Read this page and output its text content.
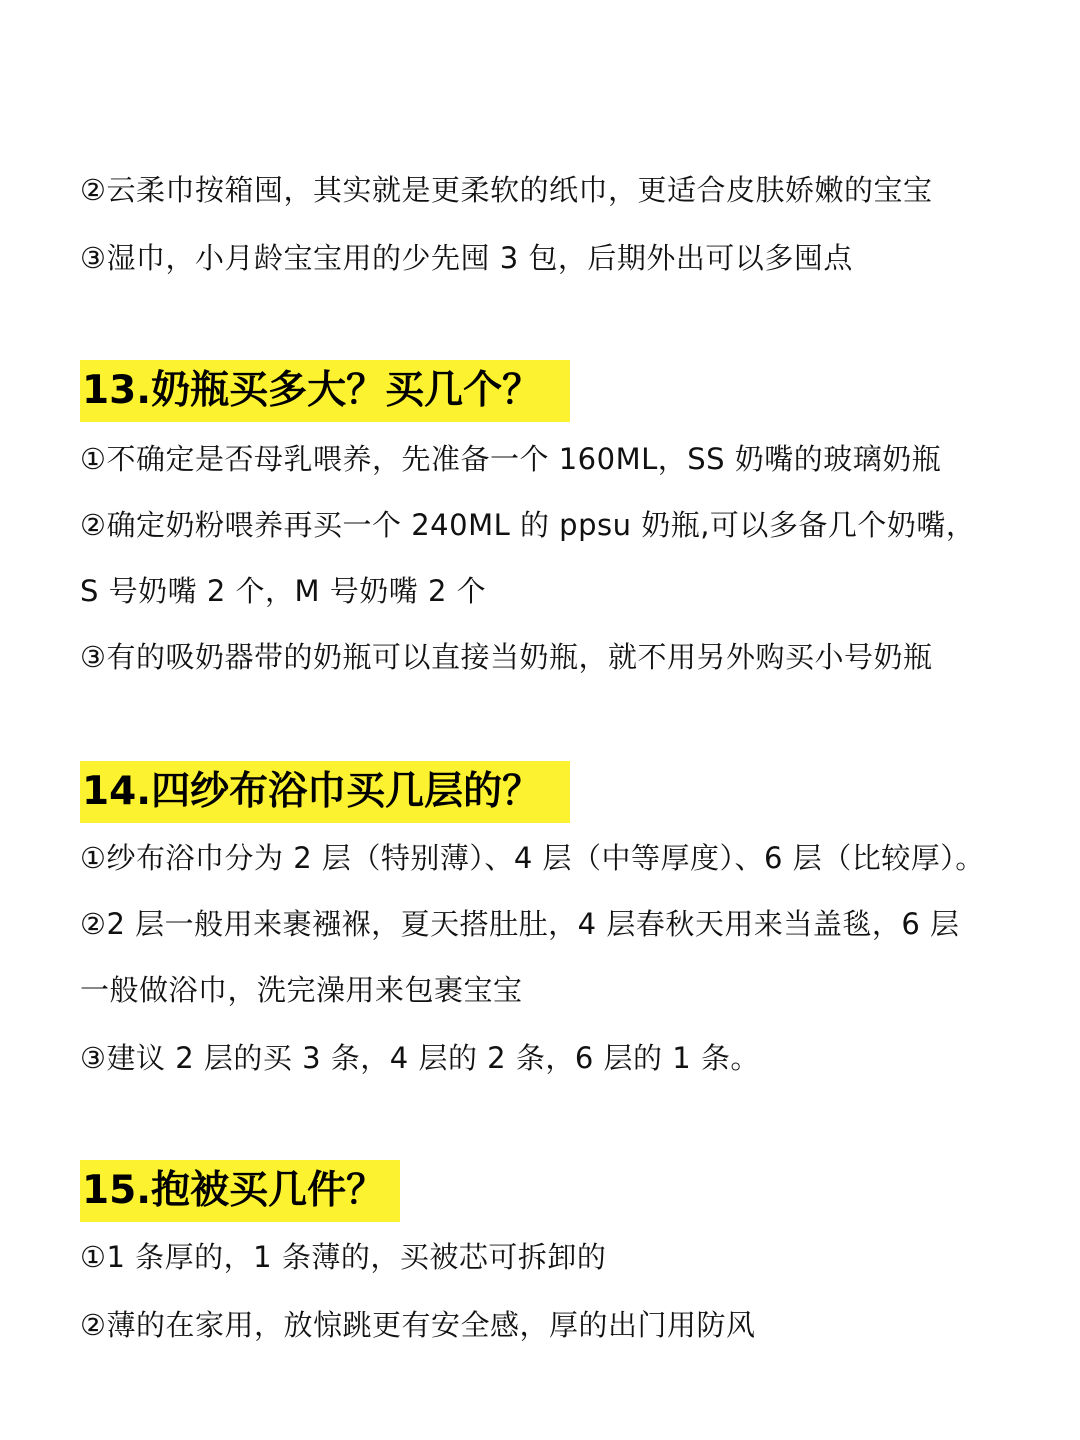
②云柔巾按箱囤，其实就是更柔软的纸巾，更适合皮肤娇嫩的宝宝

③湿巾，小月龄宝宝用的少先囤 3 包，后期外出可以多囤点

13.奶瓶买多大？买几个？

①不确定是否母乳喂养，先准备一个 160ML，SS 奶嘴的玻璃奶瓶

②确定奶粉喂养再买一个 240ML 的 ppsu 奶瓶,可以多备几个奶嘴，

S 号奶嘴 2 个，M 号奶嘴 2 个

③有的吸奶器带的奶瓶可以直接当奶瓶，就不用另外购买小号奶瓶

14.四纱布浴巾买几层的？

①纱布浴巾分为 2 层（特别薄）、4 层（中等厚度）、6 层（比较厚）。

②2 层一般用来裹襁褓，夏天搭肚肚，4 层春秋天用来当盖毯，6 层

一般做浴巾，洗完澡用来包裹宝宝

③建议 2 层的买 3 条，4 层的 2 条，6 层的 1 条。

15.抱被买几件？

①1 条厚的，1 条薄的，买被芯可拆卸的

②薄的在家用，放惊跳更有安全感，厚的出门用防风
